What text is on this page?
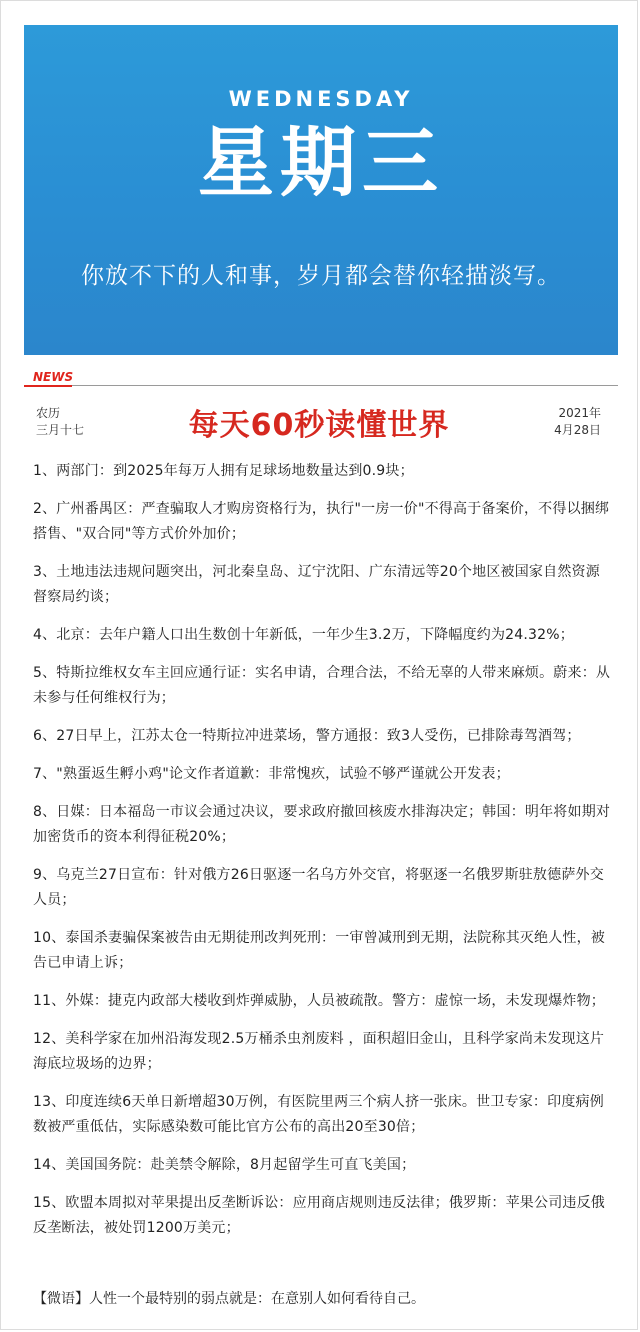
WEDNESDAY
星期三
你放不下的人和事，岁月都会替你轻描淡写。
NEWS
农历
三月十七	每天60秒读懂世界	2021年
4月28日
1、两部门：到2025年每万人拥有足球场地数量达到0.9块；
2、广州番禺区：严查骗取人才购房资格行为，执行"一房一价"不得高于备案价，不得以捆绑搭售、"双合同"等方式价外加价；
3、土地违法违规问题突出，河北秦皇岛、辽宁沈阳、广东清远等20个地区被国家自然资源督察局约谈；
4、北京：去年户籍人口出生数创十年新低，一年少生3.2万，下降幅度约为24.32%；
5、特斯拉维权女车主回应通行证：实名申请，合理合法，不给无辜的人带来麻烦。蔚来：从未参与任何维权行为；
6、27日早上，江苏太仓一特斯拉冲进菜场，警方通报：致3人受伤，已排除毒驾酒驾；
7、"熟蛋返生孵小鸡"论文作者道歉：非常愧疚，试验不够严谨就公开发表；
8、日媒：日本福岛一市议会通过决议，要求政府撤回核废水排海决定；韩国：明年将如期对加密货币的资本利得征税20%；
9、乌克兰27日宣布：针对俄方26日驱逐一名乌方外交官，将驱逐一名俄罗斯驻敖德萨外交人员；
10、泰国杀妻骗保案被告由无期徒刑改判死刑：一审曾减刑到无期，法院称其灭绝人性，被告已申请上诉；
11、外媒：捷克内政部大楼收到炸弹威胁，人员被疏散。警方：虚惊一场，未发现爆炸物；
12、美科学家在加州沿海发现2.5万桶杀虫剂废料 ，面积超旧金山，且科学家尚未发现这片海底垃圾场的边界；
13、印度连续6天单日新增超30万例，有医院里两三个病人挤一张床。世卫专家：印度病例数被严重低估，实际感染数可能比官方公布的高出20至30倍；
14、美国国务院：赴美禁令解除，8月起留学生可直飞美国；
15、欧盟本周拟对苹果提出反垄断诉讼：应用商店规则违反法律；俄罗斯：苹果公司违反俄反垄断法，被处罚1200万美元；
【微语】人性一个最特别的弱点就是：在意别人如何看待自己。
